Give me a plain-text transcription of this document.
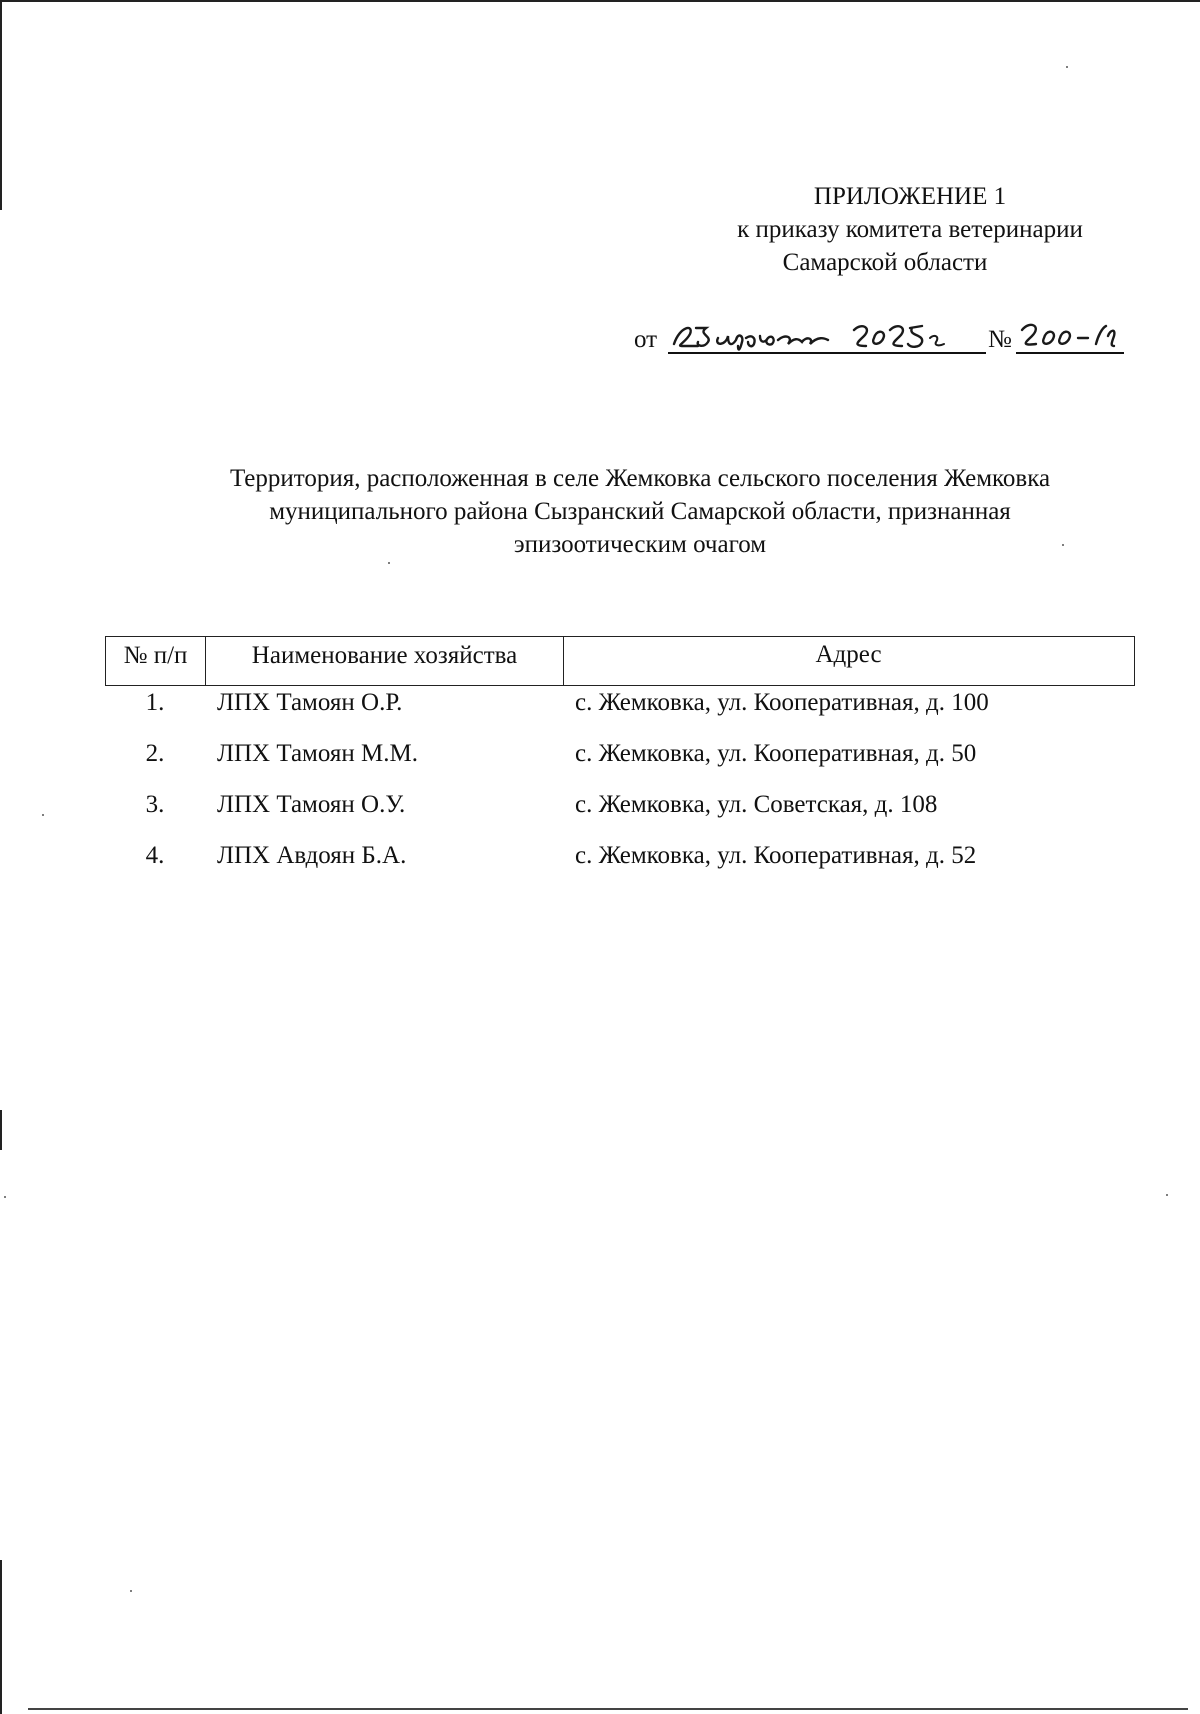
ПРИЛОЖЕНИЕ 1
к приказу комитета ветеринарии
Самарской области
от	№
Территория, расположенная в селе Жемковка сельского поселения Жемковка
муниципального района Сызранский Самарской области, признанная
эпизоотическим очагом
№ п/п	Наименование хозяйства	Адрес
1.	ЛПХ Тамоян О.Р.	с. Жемковка, ул. Кооперативная, д. 100
2.	ЛПХ Тамоян М.М.	с. Жемковка, ул. Кооперативная, д. 50
3.	ЛПХ Тамоян О.У.	с. Жемковка, ул. Советская, д. 108
4.	ЛПХ Авдоян Б.А.	с. Жемковка, ул. Кооперативная, д. 52
